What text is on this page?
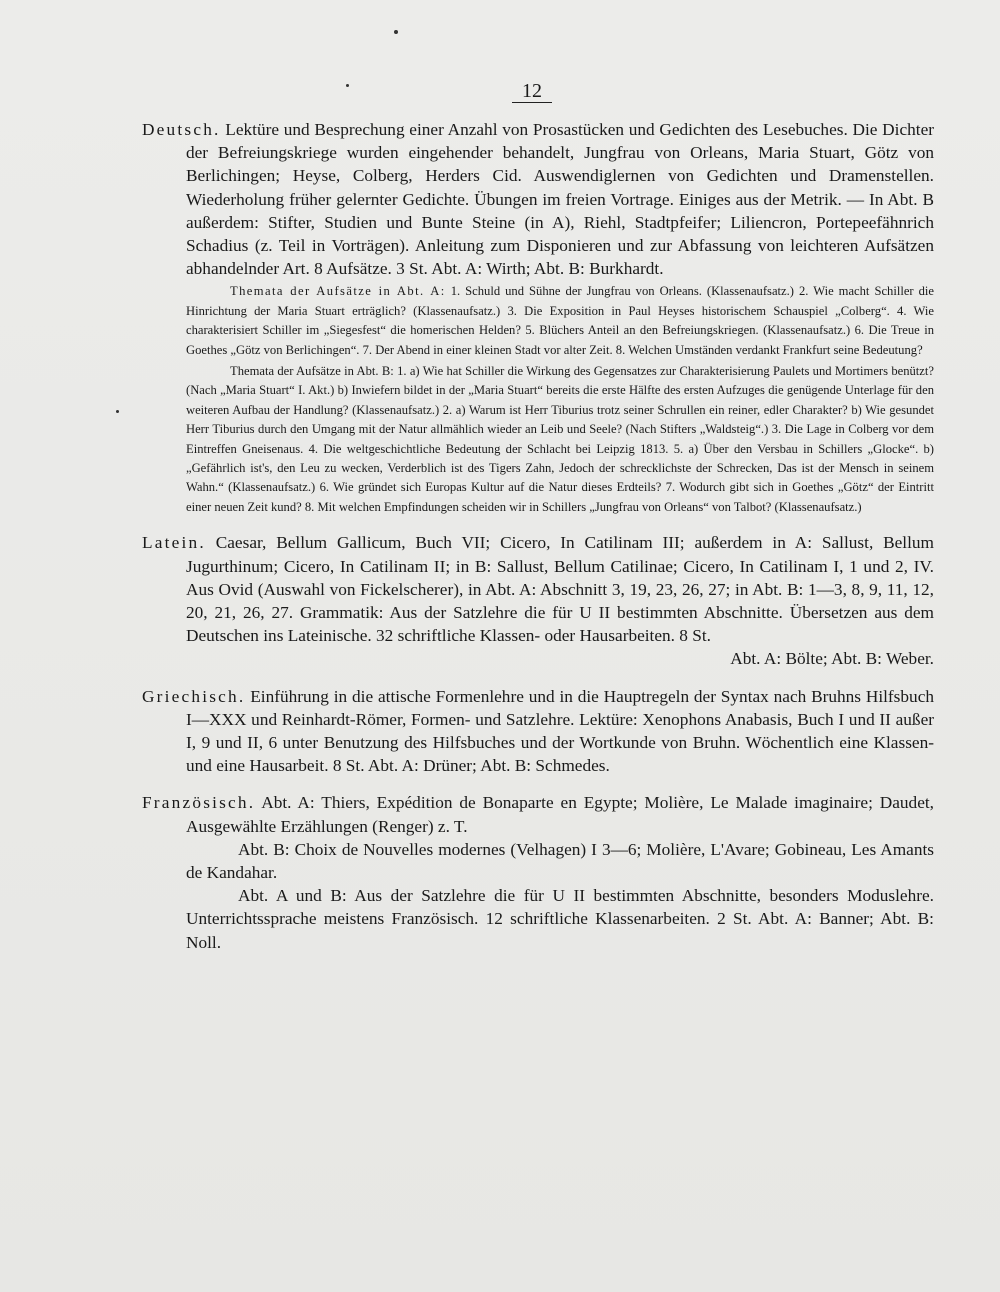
12

Deutsch. Lektüre und Besprechung einer Anzahl von Prosastücken und Gedichten des Lesebuches. Die Dichter der Befreiungskriege wurden eingehender behandelt, Jungfrau von Orleans, Maria Stuart, Götz von Berlichingen; Heyse, Colberg, Herders Cid. Auswendiglernen von Gedichten und Dramenstellen. Wiederholung früher gelernter Gedichte. Übungen im freien Vortrage. Einiges aus der Metrik. — In Abt. B außerdem: Stifter, Studien und Bunte Steine (in A), Riehl, Stadtpfeifer; Liliencron, Portepeefähnrich Schadius (z. Teil in Vorträgen). Anleitung zum Disponieren und zur Abfassung von leichteren Aufsätzen abhandelnder Art. 8 Aufsätze. 3 St. Abt. A: Wirth; Abt. B: Burkhardt.

Themata der Aufsätze in Abt. A: 1. Schuld und Sühne der Jungfrau von Orleans. (Klassenaufsatz.) 2. Wie macht Schiller die Hinrichtung der Maria Stuart erträglich? (Klassenaufsatz.) 3. Die Exposition in Paul Heyses historischem Schauspiel „Colberg“. 4. Wie charakterisiert Schiller im „Siegesfest“ die homerischen Helden? 5. Blüchers Anteil an den Befreiungskriegen. (Klassenaufsatz.) 6. Die Treue in Goethes „Götz von Berlichingen“. 7. Der Abend in einer kleinen Stadt vor alter Zeit. 8. Welchen Umständen verdankt Frankfurt seine Bedeutung?

Themata der Aufsätze in Abt. B: 1. a) Wie hat Schiller die Wirkung des Gegensatzes zur Charakterisierung Paulets und Mortimers benützt? (Nach „Maria Stuart“ I. Akt.) b) Inwiefern bildet in der „Maria Stuart“ bereits die erste Hälfte des ersten Aufzuges die genügende Unterlage für den weiteren Aufbau der Handlung? (Klassenaufsatz.) 2. a) Warum ist Herr Tiburius trotz seiner Schrullen ein reiner, edler Charakter? b) Wie gesundet Herr Tiburius durch den Umgang mit der Natur allmählich wieder an Leib und Seele? (Nach Stifters „Waldsteig“.) 3. Die Lage in Colberg vor dem Eintreffen Gneisenaus. 4. Die weltgeschichtliche Bedeutung der Schlacht bei Leipzig 1813. 5. a) Über den Versbau in Schillers „Glocke“. b) „Gefährlich ist's, den Leu zu wecken, Verderblich ist des Tigers Zahn, Jedoch der schrecklichste der Schrecken, Das ist der Mensch in seinem Wahn.“ (Klassenaufsatz.) 6. Wie gründet sich Europas Kultur auf die Natur dieses Erdteils? 7. Wodurch gibt sich in Goethes „Götz“ der Eintritt einer neuen Zeit kund? 8. Mit welchen Empfindungen scheiden wir in Schillers „Jungfrau von Orleans“ von Talbot? (Klassenaufsatz.)

Latein. Caesar, Bellum Gallicum, Buch VII; Cicero, In Catilinam III; außerdem in A: Sallust, Bellum Jugurthinum; Cicero, In Catilinam II; in B: Sallust, Bellum Catilinae; Cicero, In Catilinam I, 1 und 2, IV. Aus Ovid (Auswahl von Fickelscherer), in Abt. A: Abschnitt 3, 19, 23, 26, 27; in Abt. B: 1—3, 8, 9, 11, 12, 20, 21, 26, 27. Grammatik: Aus der Satzlehre die für U II bestimmten Abschnitte. Übersetzen aus dem Deutschen ins Lateinische. 32 schriftliche Klassen- oder Hausarbeiten. 8 St.

Abt. A: Bölte; Abt. B: Weber.

Griechisch. Einführung in die attische Formenlehre und in die Hauptregeln der Syntax nach Bruhns Hilfsbuch I—XXX und Reinhardt-Römer, Formen- und Satzlehre. Lektüre: Xenophons Anabasis, Buch I und II außer I, 9 und II, 6 unter Benutzung des Hilfsbuches und der Wortkunde von Bruhn. Wöchentlich eine Klassen- und eine Hausarbeit. 8 St. Abt. A: Drüner; Abt. B: Schmedes.

Französisch. Abt. A: Thiers, Expédition de Bonaparte en Egypte; Molière, Le Malade imaginaire; Daudet, Ausgewählte Erzählungen (Renger) z. T.

Abt. B: Choix de Nouvelles modernes (Velhagen) I 3—6; Molière, L'Avare; Gobineau, Les Amants de Kandahar.

Abt. A und B: Aus der Satzlehre die für U II bestimmten Abschnitte, besonders Moduslehre. Unterrichtssprache meistens Französisch. 12 schriftliche Klassenarbeiten. 2 St. Abt. A: Banner; Abt. B: Noll.
